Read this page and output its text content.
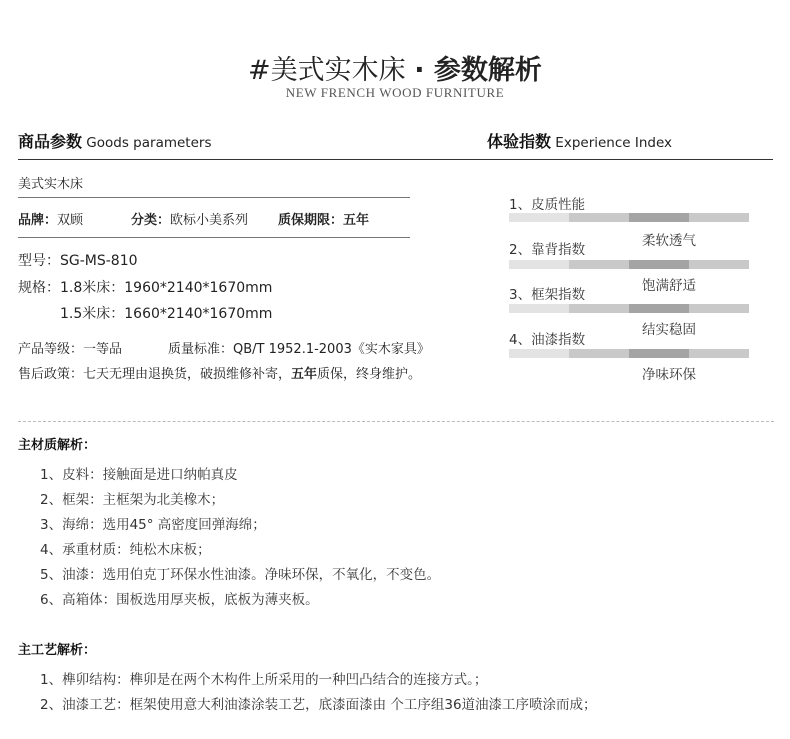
#美式实木床 · 参数解析
NEW FRENCH WOOD FURNITURE
商品参数 Goods parameters
美式实木床
品牌：双顾	分类：欧标小美系列 质保期限：五年
型号：SG-MS-810
规格：1.8米床：1960*2140*1670mm
1.5米床：1660*2140*1670mm
产品等级：一等品	质量标准：QB/T 1952.1-2003《实木家具》
售后政策：七天无理由退换货，破损维修补寄，五年质保，终身维护。
体验指数 Experience Index
1、皮质性能
柔软透气
2、靠背指数
饱满舒适
3、框架指数
结实稳固
4、油漆指数
净味环保
主材质解析：
1、皮料：接触面是进口纳帕真皮
2、框架：主框架为北美橡木；
3、海绵：选用45° 高密度回弹海绵；
4、承重材质：纯松木床板；
5、油漆：选用伯克丁环保水性油漆。净味环保，不氧化，不变色。
6、高箱体：围板选用厚夹板，底板为薄夹板。
主工艺解析：
1、榫卯结构：榫卯是在两个木构件上所采用的一种凹凸结合的连接方式。；
2、油漆工艺：框架使用意大利油漆涂装工艺，底漆面漆由 个工序组36道油漆工序喷涂而成；
